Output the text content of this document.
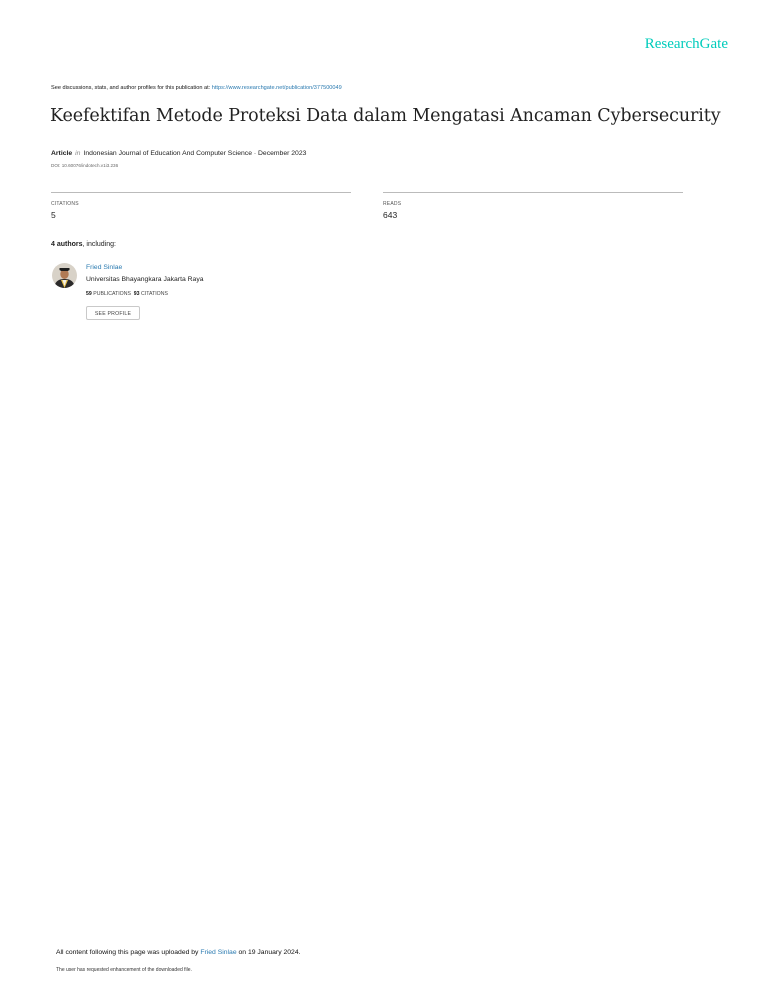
ResearchGate
See discussions, stats, and author profiles for this publication at: https://www.researchgate.net/publication/377500049
Keefektifan Metode Proteksi Data dalam Mengatasi Ancaman Cybersecurity
Article in Indonesian Journal of Education And Computer Science · December 2023
DOI: 10.60076/indotech.v1i3.236
CITATIONS
5
READS
643
4 authors, including:
Fried Sinlae
Universitas Bhayangkara Jakarta Raya
59 PUBLICATIONS 93 CITATIONS
SEE PROFILE
All content following this page was uploaded by Fried Sinlae on 19 January 2024.
The user has requested enhancement of the downloaded file.
